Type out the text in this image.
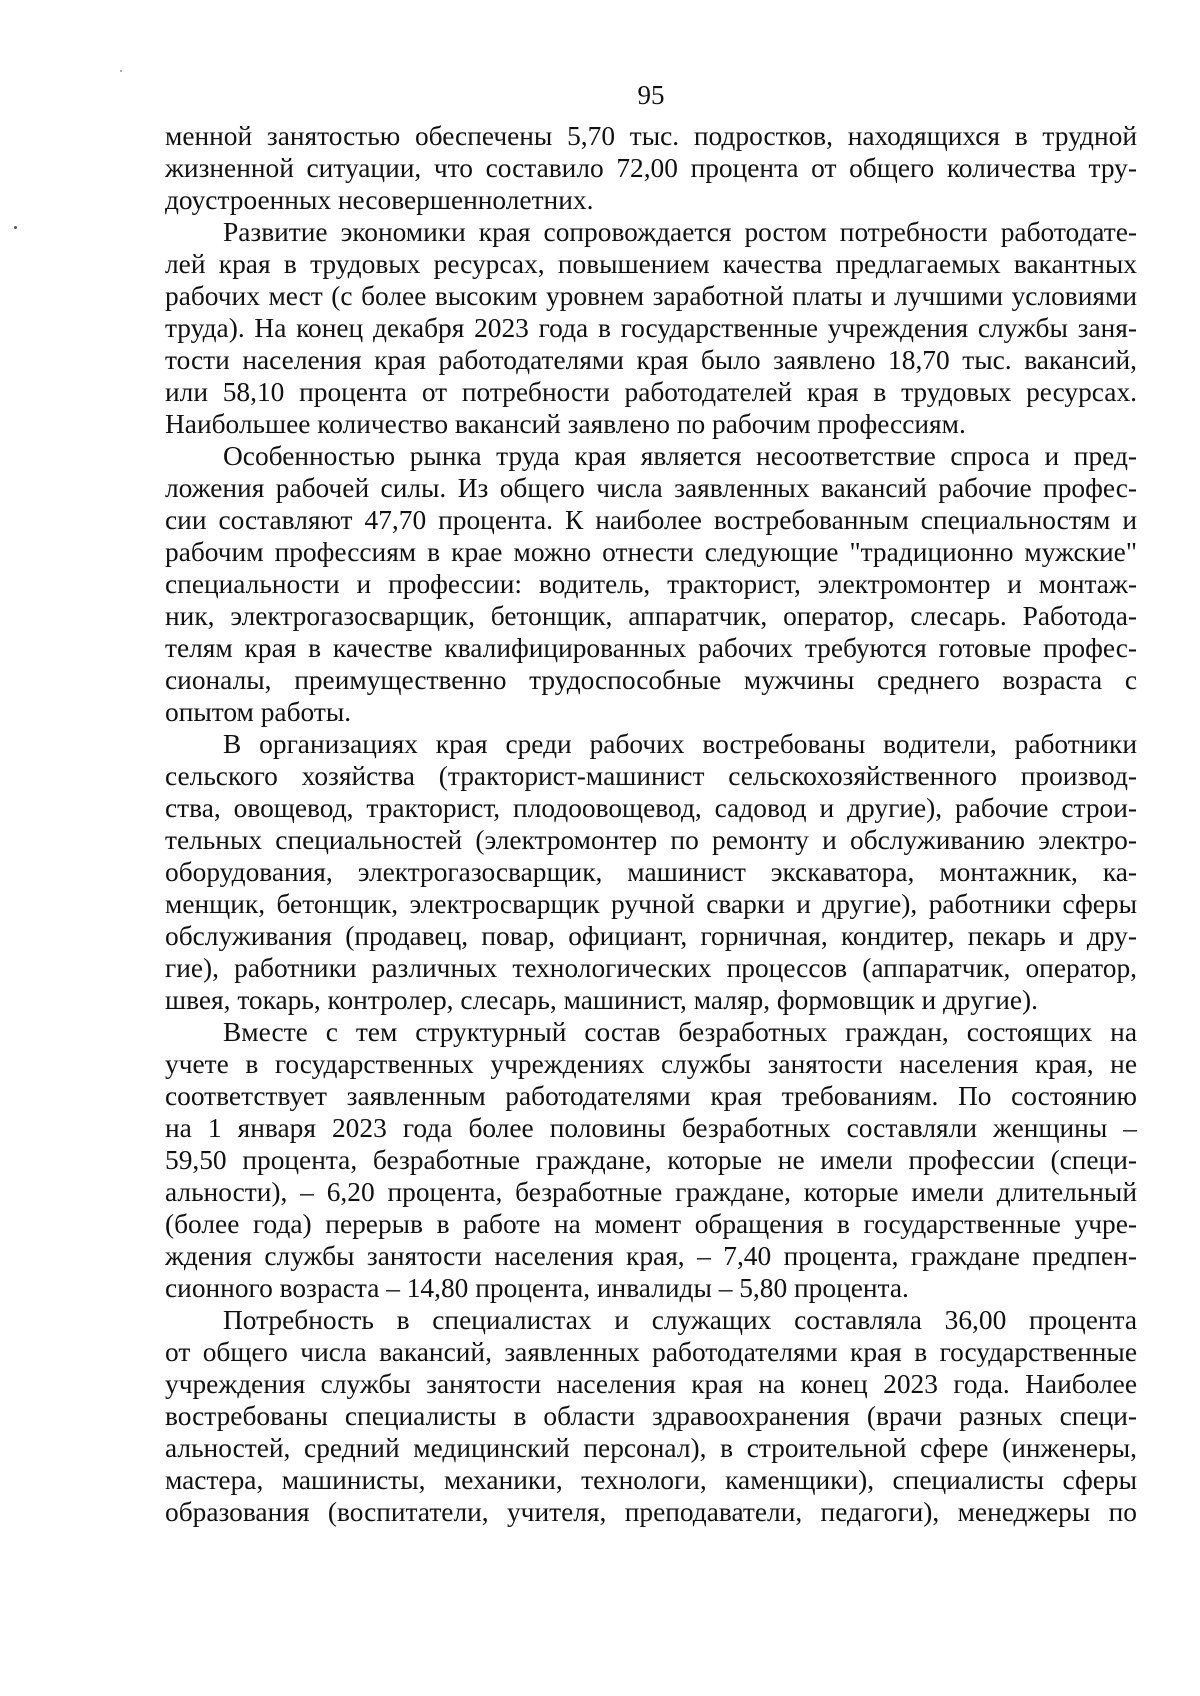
95
менной занятостью обеспечены 5,70 тыс. подростков, находящихся в трудной
жизненной ситуации, что составило 72,00 процента от общего количества тру-
доустроенных несовершеннолетних.
Развитие экономики края сопровождается ростом потребности работодате-
лей края в трудовых ресурсах, повышением качества предлагаемых вакантных
рабочих мест (с более высоким уровнем заработной платы и лучшими условиями
труда). На конец декабря 2023 года в государственные учреждения службы заня-
тости населения края работодателями края было заявлено 18,70 тыс. вакансий,
или 58,10 процента от потребности работодателей края в трудовых ресурсах.
Наибольшее количество вакансий заявлено по рабочим профессиям.
Особенностью рынка труда края является несоответствие спроса и пред-
ложения рабочей силы. Из общего числа заявленных вакансий рабочие профес-
сии составляют 47,70 процента. К наиболее востребованным специальностям и
рабочим профессиям в крае можно отнести следующие "традиционно мужские"
специальности и профессии: водитель, тракторист, электромонтер и монтаж-
ник, электрогазосварщик, бетонщик, аппаратчик, оператор, слесарь. Работода-
телям края в качестве квалифицированных рабочих требуются готовые профес-
сионалы, преимущественно трудоспособные мужчины среднего возраста с
опытом работы.
В организациях края среди рабочих востребованы водители, работники
сельского хозяйства (тракторист-машинист сельскохозяйственного производ-
ства, овощевод, тракторист, плодоовощевод, садовод и другие), рабочие строи-
тельных специальностей (электромонтер по ремонту и обслуживанию электро-
оборудования, электрогазосварщик, машинист экскаватора, монтажник, ка-
менщик, бетонщик, электросварщик ручной сварки и другие), работники сферы
обслуживания (продавец, повар, официант, горничная, кондитер, пекарь и дру-
гие), работники различных технологических процессов (аппаратчик, оператор,
швея, токарь, контролер, слесарь, машинист, маляр, формовщик и другие).
Вместе с тем структурный состав безработных граждан, состоящих на
учете в государственных учреждениях службы занятости населения края, не
соответствует заявленным работодателями края требованиям. По состоянию
на 1 января 2023 года более половины безработных составляли женщины –
59,50 процента, безработные граждане, которые не имели профессии (специ-
альности), – 6,20 процента, безработные граждане, которые имели длительный
(более года) перерыв в работе на момент обращения в государственные учре-
ждения службы занятости населения края, – 7,40 процента, граждане предпен-
сионного возраста – 14,80 процента, инвалиды – 5,80 процента.
Потребность в специалистах и служащих составляла 36,00 процента
от общего числа вакансий, заявленных работодателями края в государственные
учреждения службы занятости населения края на конец 2023 года. Наиболее
востребованы специалисты в области здравоохранения (врачи разных специ-
альностей, средний медицинский персонал), в строительной сфере (инженеры,
мастера, машинисты, механики, технологи, каменщики), специалисты сферы
образования (воспитатели, учителя, преподаватели, педагоги), менеджеры по
